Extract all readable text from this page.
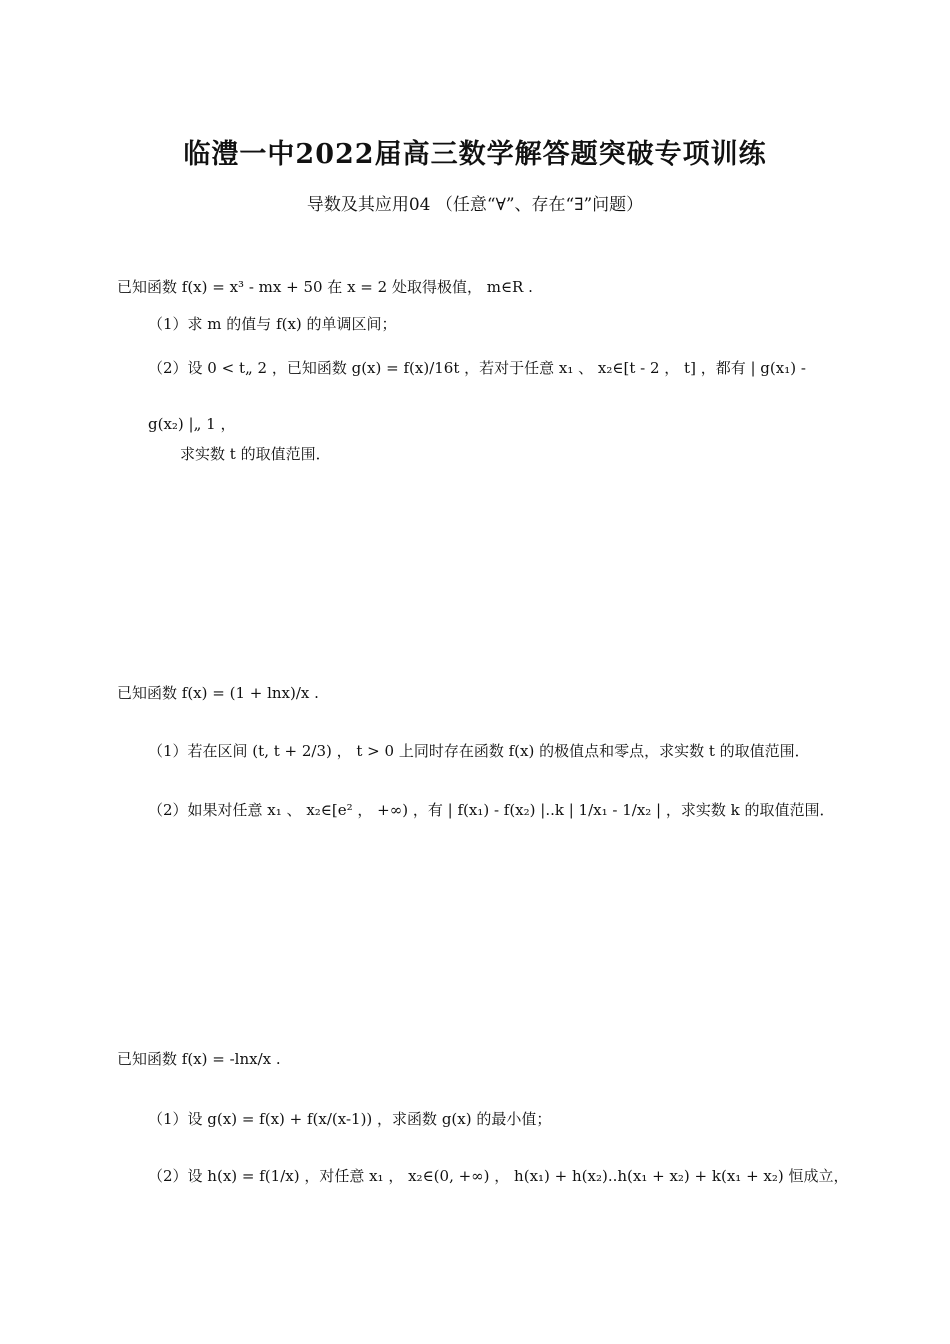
临澧一中2022届高三数学解答题突破专项训练
导数及其应用04 （任意“∀”、存在“∃”问题）
已知函数 f(x) = x³ - mx + 50 在 x = 2 处取得极值， m∈R .
（1）求 m 的值与 f(x) 的单调区间；
（2）设 0 < t„ 2 ，已知函数 g(x) = f(x)/16t ，若对于任意 x₁ 、 x₂∈[t - 2 ， t] ，都有 | g(x₁) - g(x₂) |„ 1 ，
求实数 t 的取值范围．
已知函数 f(x) = (1 + lnx)/x .
（1）若在区间 (t, t + 2/3) ， t > 0 上同时存在函数 f(x) 的极值点和零点，求实数 t 的取值范围．
（2）如果对任意 x₁ 、 x₂∈[e² ， +∞) ，有 | f(x₁) - f(x₂) |..k | 1/x₁ - 1/x₂ | ，求实数 k 的取值范围．
已知函数 f(x) = -lnx/x .
（1）设 g(x) = f(x) + f(x/(x-1)) ，求函数 g(x) 的最小值；
（2）设 h(x) = f(1/x) ，对任意 x₁ ， x₂∈(0, +∞) ， h(x₁) + h(x₂)..h(x₁ + x₂) + k(x₁ + x₂) 恒成立，
